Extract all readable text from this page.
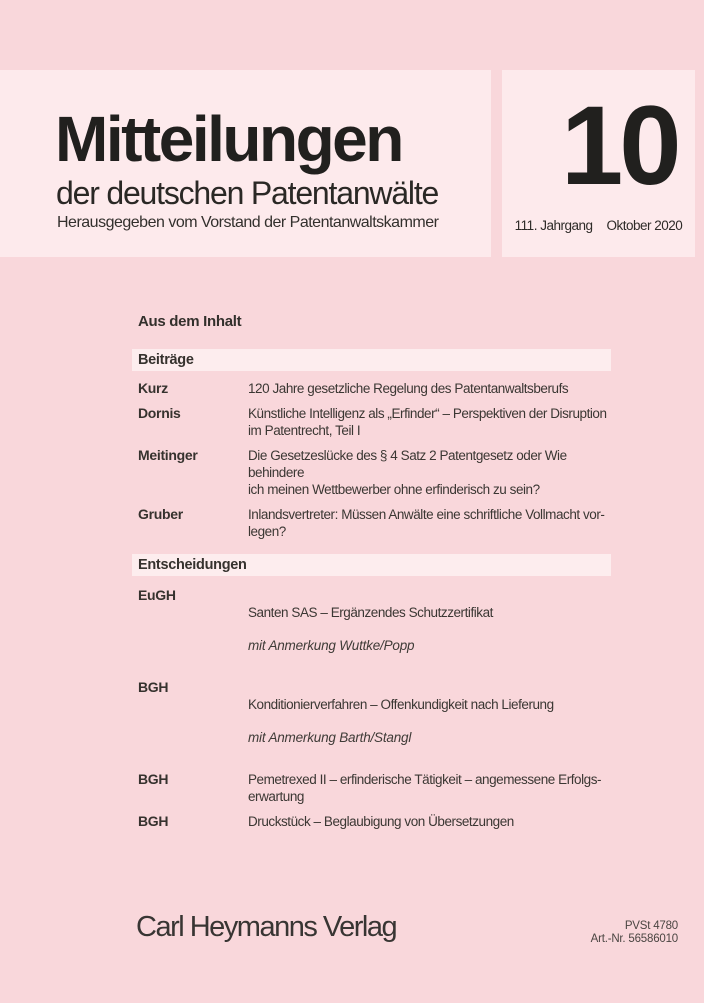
Mitteilungen
der deutschen Patentanwälte
Herausgegeben vom Vorstand der Patentanwaltskammer
10
111. Jahrgang Oktober 2020
Aus dem Inhalt
Beiträge
Kurz	120 Jahre gesetzliche Regelung des Patentanwaltsberufs
Dornis	Künstliche Intelligenz als „Erfinder“ – Perspektiven der Disruption
im Patentrecht, Teil I
Meitinger	Die Gesetzeslücke des § 4 Satz 2 Patentgesetz oder Wie behindere
ich meinen Wettbewerber ohne erfinderisch zu sein?
Gruber	Inlandsvertreter: Müssen Anwälte eine schriftliche Vollmacht vor-
legen?
Entscheidungen
EuGH

Santen SAS – Ergänzendes Schutzzertifikat

mit Anmerkung Wuttke/Popp

BGH

Konditionierverfahren – Offenkundigkeit nach Lieferung

mit Anmerkung Barth/Stangl

BGH	Pemetrexed II – erfinderische Tätigkeit – angemessene Erfolgs-
erwartung
BGH	Druckstück – Beglaubigung von Übersetzungen
Carl Heymanns Verlag	PVSt 4780
Art.-Nr. 56586010
